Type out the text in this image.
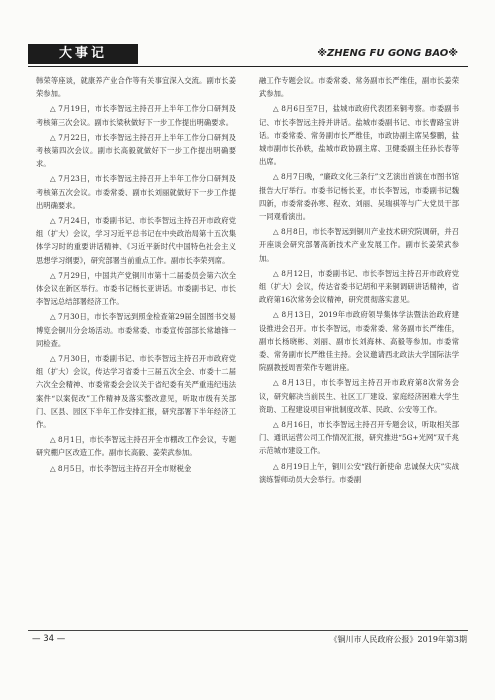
大事记	※ZHENG FU GONG BAO※

韩荣等座谈，就康养产业合作等有关事宜深入交流。副市长姜荣参加。

△ 7月19日，市长李智远主持召开上半年工作分口研判及考核第三次会议。副市长梁秋做好下一步工作提出明确要求。

△ 7月22日，市长李智远主持召开上半年工作分口研判及考核第四次会议。副市长高毅就做好下一步工作提出明确要求。

△ 7月23日，市长李智远主持召开上半年工作分口研判及考核第五次会议。市委常委、副市长刘丽就做好下一步工作提出明确要求。

△ 7月24日，市委副书记、市长李智远主持召开市政府党组（扩大）会议，学习习近平总书记在中央政治局第十五次集体学习时的重要讲话精神、《习近平新时代中国特色社会主义思想学习纲要》，研究部署当前重点工作。副市长李荣列席。

△ 7月29日，中国共产党铜川市第十二届委员会第六次全体会议在新区举行。市委书记杨长亚讲话。市委副书记、市长李智远总结部署经济工作。

△ 7月30日，市长李智远到照金检查第29届全国图书交易博览会铜川分会场活动。市委常委、市委宣传部部长常雄锋一同检查。

△ 7月30日，市委副书记、市长李智远主持召开市政府党组（扩大）会议，传达学习省委十三届五次全会、市委十二届六次全会精神、市委常委会会议关于省纪委有关严重违纪违法案件“以案促改”工作精神及落实整改意见，听取市级有关部门、区县、园区下半年工作安排汇报，研究部署下半年经济工作。

△ 8月1日，市长李智远主持召开全市棚改工作会议，专题研究棚户区改造工作。副市长高毅、姜荣武参加。

△ 8月5日，市长李智远主持召开全市财税金

融工作专题会议。市委常委、常务副市长严维佳，副市长姜荣武参加。

△ 8月6日至7日，盐城市政府代表团来铜考察。市委副书记、市长李智远主持并讲话。盐城市委副书记、市长曹路宝讲话。市委常委、常务副市长严维佳，市政协副主席吴黎鹏，盐城市副市长孙轶，盐城市政协副主席、卫健委副主任孙长春等出席。

△ 8月7日晚，“廉政文化三条行”文艺演出首演在市图书馆报告大厅举行。市委书记杨长亚，市长李智远，市委副书记魏四新，市委常委孙寒、程欢、刘丽、吴瑞祺等与广大党员干部一同观看演出。

△ 8月8日，市长李智远到铜川产业技术研究院调研，并召开座谈会研究部署高新技术产业发展工作。副市长姜荣武参加。

△ 8月12日，市委副书记、市长李智远主持召开市政府党组（扩大）会议，传达省委书记胡和平来铜调研讲话精神，省政府第16次常务会议精神，研究贯彻落实意见。

△ 8月13日，2019年市政府领导集体学法暨法治政府建设推进会召开。市长李智远，市委常委、常务副市长严维佳，副市长杨晓彬、刘丽、副市长刘海林、高毅等参加。市委常委、常务副市长严维佳主持。会议邀请西北政法大学国际法学院副教授周晋荣作专题讲座。

△ 8月13日，市长李智远主持召开市政府第8次常务会议，研究解决当前民生、社区工厂建设、家庭经济困难大学生资助、工程建设项目审批制度改革、民政、公安等工作。

△ 8月16日，市长李智远主持召开专题会议，听取相关部门、通讯运营公司工作情况汇报，研究推进“5G+光网”双千兆示范城市建设工作。

△ 8月19日上午，铜川公安“践行新使命 忠诚保大庆”实战演练誓师动员大会举行。市委副

— 34 —	《铜川市人民政府公报》2019年第3期
